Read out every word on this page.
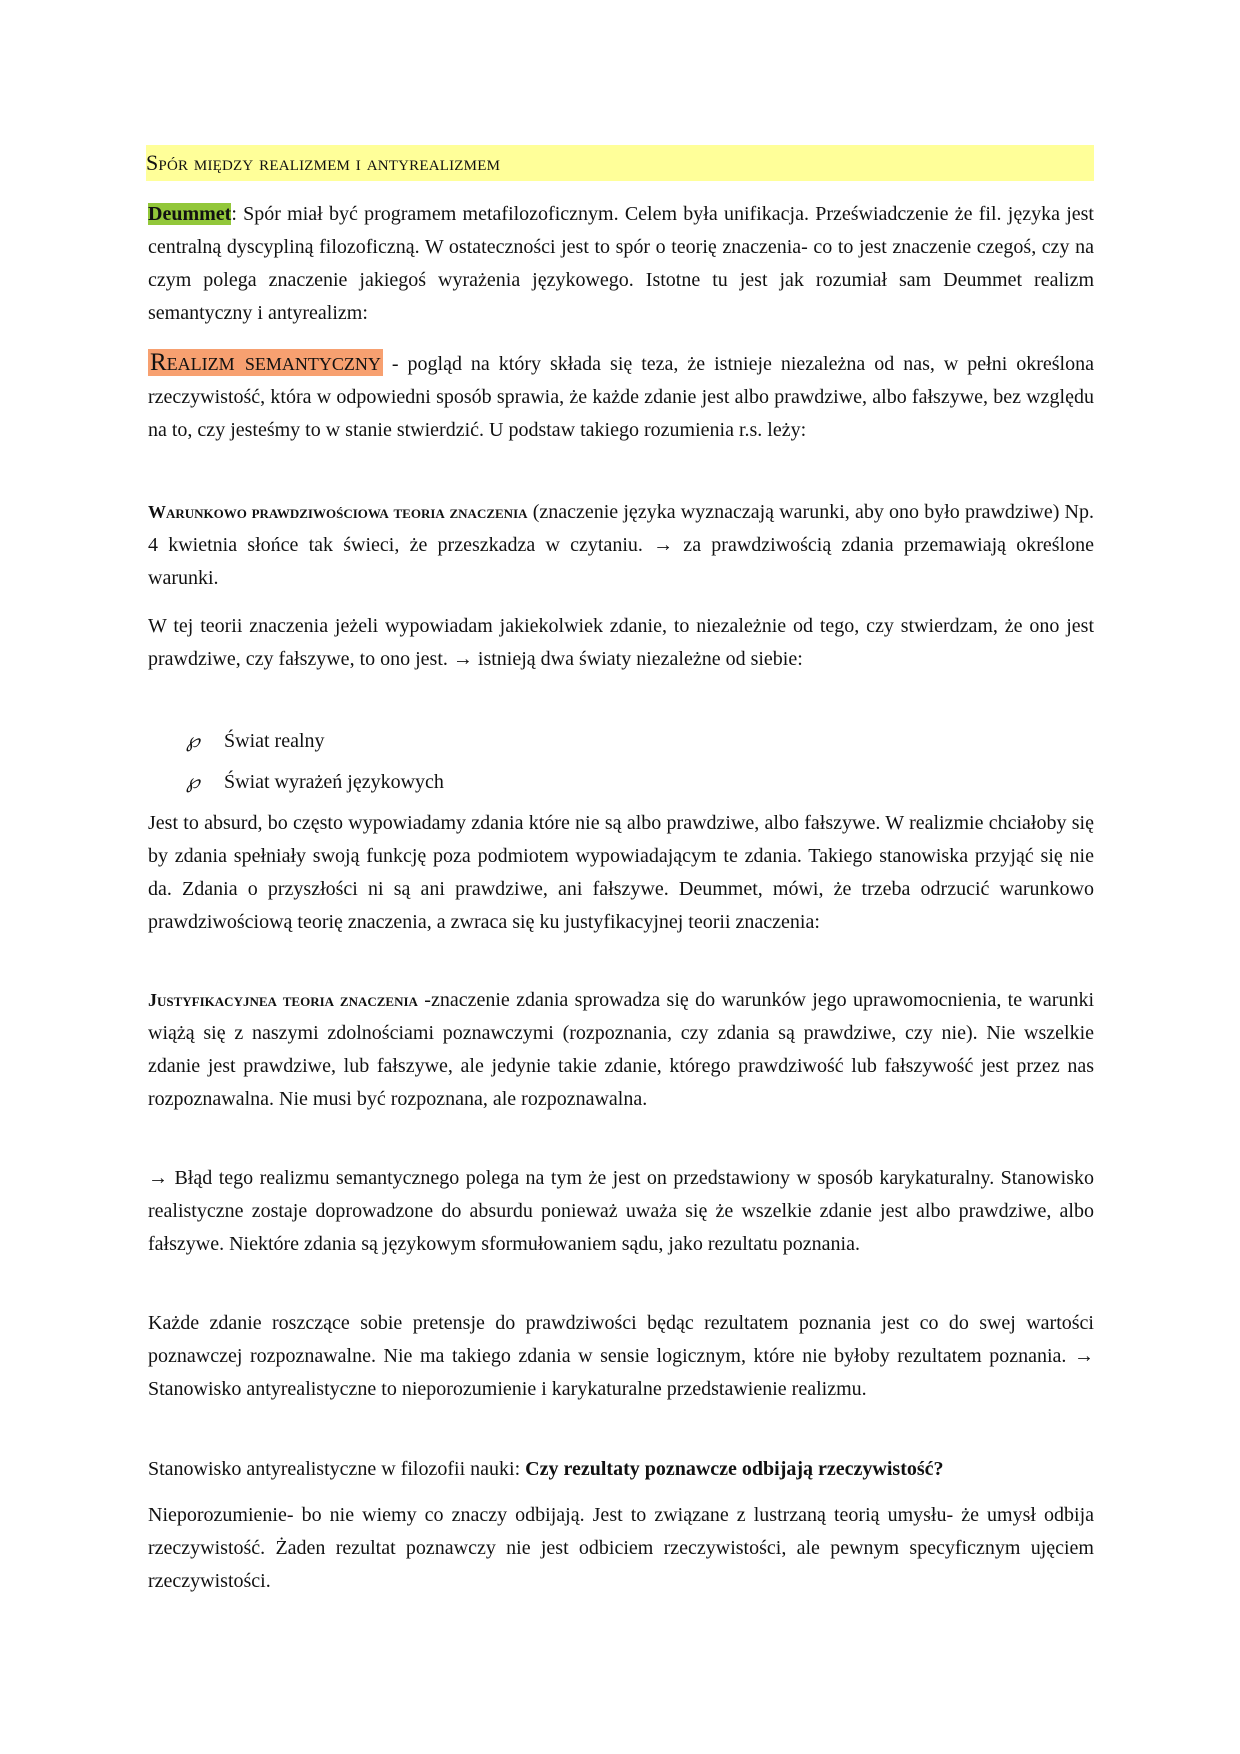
Spór między realizmem i antyrealizmem
Deummet: Spór miał być programem metafilozoficznym. Celem była unifikacja. Przeświadczenie że fil. języka jest centralną dyscypliną filozoficzną. W ostateczności jest to spór o teorię znaczenia- co to jest znaczenie czegoś, czy na czym polega znaczenie jakiegoś wyrażenia językowego. Istotne tu jest jak rozumiał sam Deummet realizm semantyczny i antyrealizm:
Realizm semantyczny - pogląd na który składa się teza, że istnieje niezależna od nas, w pełni określona rzeczywistość, która w odpowiedni sposób sprawia, że każde zdanie jest albo prawdziwe, albo fałszywe, bez względu na to, czy jesteśmy to w stanie stwierdzić. U podstaw takiego rozumienia r.s. leży:
Warunkowo prawdziwościowa teoria znaczenia (znaczenie języka wyznaczają warunki, aby ono było prawdziwe) Np. 4 kwietnia słońce tak świeci, że przeszkadza w czytaniu. → za prawdziwością zdania przemawiają określone warunki.
W tej teorii znaczenia jeżeli wypowiadam jakiekolwiek zdanie, to niezależnie od tego, czy stwierdzam, że ono jest prawdziwe, czy fałszywe, to ono jest. → istnieją dwa światy niezależne od siebie:
℘ Świat realny
℘ Świat wyrażeń językowych
Jest to absurd, bo często wypowiadamy zdania które nie są albo prawdziwe, albo fałszywe. W realizmie chciałoby się by zdania spełniały swoją funkcję poza podmiotem wypowiadającym te zdania. Takiego stanowiska przyjąć się nie da. Zdania o przyszłości ni są ani prawdziwe, ani fałszywe. Deummet, mówi, że trzeba odrzucić warunkowo prawdziwościową teorię znaczenia, a zwraca się ku justyfikacyjnej teorii znaczenia:
Justyfikacyjnea teoria znaczenia -znaczenie zdania sprowadza się do warunków jego uprawomocnienia, te warunki wiążą się z naszymi zdolnościami poznawczymi (rozpoznania, czy zdania są prawdziwe, czy nie). Nie wszelkie zdanie jest prawdziwe, lub fałszywe, ale jedynie takie zdanie, którego prawdziwość lub fałszywość jest przez nas rozpoznawalna. Nie musi być rozpoznana, ale rozpoznawalna.
→ Błąd tego realizmu semantycznego polega na tym że jest on przedstawiony w sposób karykaturalny. Stanowisko realistyczne zostaje doprowadzone do absurdu ponieważ uważa się że wszelkie zdanie jest albo prawdziwe, albo fałszywe. Niektóre zdania są językowym sformułowaniem sądu, jako rezultatu poznania.
Każde zdanie roszczące sobie pretensje do prawdziwości będąc rezultatem poznania jest co do swej wartości poznawczej rozpoznawalne. Nie ma takiego zdania w sensie logicznym, które nie byłoby rezultatem poznania. → Stanowisko antyrealistyczne to nieporozumienie i karykaturalne przedstawienie realizmu.
Stanowisko antyrealistyczne w filozofii nauki: Czy rezultaty poznawcze odbijają rzeczywistość?
Nieporozumienie- bo nie wiemy co znaczy odbijają. Jest to związane z lustrzaną teorią umysłu- że umysł odbija rzeczywistość. Żaden rezultat poznawczy nie jest odbiciem rzeczywistości, ale pewnym specyficznym ujęciem rzeczywistości.
